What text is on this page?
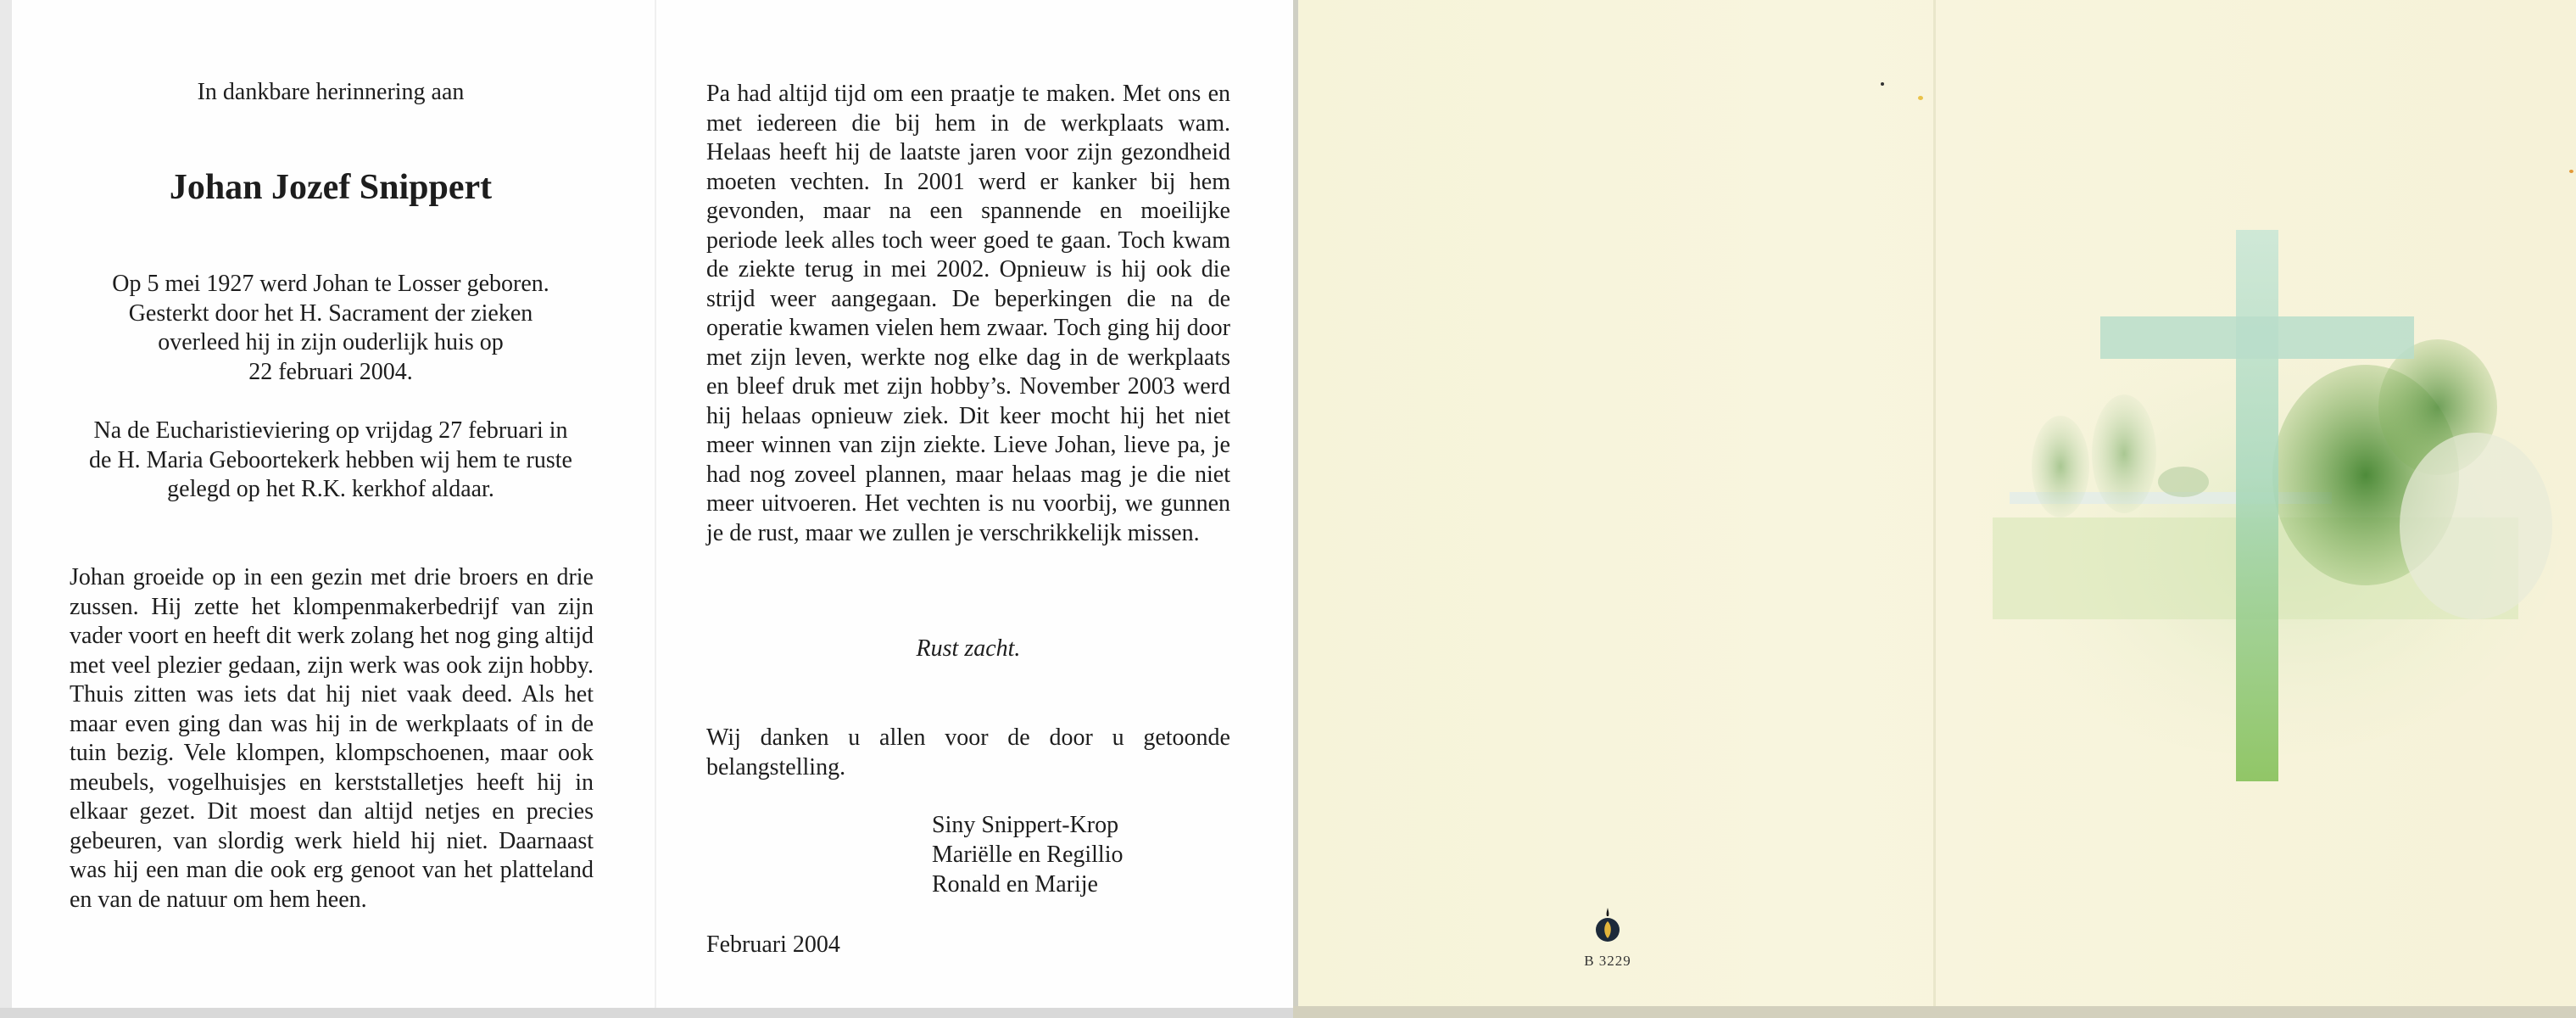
In dankbare herinnering aan
Johan Jozef Snippert
Op 5 mei 1927 werd Johan te Losser geboren.
Gesterkt door het H. Sacrament der zieken
overleed hij in zijn ouderlijk huis op
22 februari 2004.
Na de Eucharistieviering op vrijdag 27 februari in
de H. Maria Geboortekerk hebben wij hem te ruste
gelegd op het R.K. kerkhof aldaar.
Johan groeide op in een gezin met drie broers en drie zussen. Hij zette het klompenmakerbedrijf van zijn vader voort en heeft dit werk zolang het nog ging altijd met veel plezier gedaan, zijn werk was ook zijn hobby. Thuis zitten was iets dat hij niet vaak deed. Als het maar even ging dan was hij in de werkplaats of in de tuin bezig. Vele klompen, klompschoenen, maar ook meubels, vogelhuisjes en kerststalletjes heeft hij in elkaar gezet. Dit moest dan altijd netjes en precies gebeuren, van slordig werk hield hij niet. Daarnaast was hij een man die ook erg genoot van het platteland en van de natuur om hem heen.
Pa had altijd tijd om een praatje te maken. Met ons en met iedereen die bij hem in de werkplaats wam. Helaas heeft hij de laatste jaren voor zijn gezondheid moeten vechten. In 2001 werd er kanker bij hem gevonden, maar na een spannende en moeilijke periode leek alles toch weer goed te gaan. Toch kwam de ziekte terug in mei 2002. Opnieuw is hij ook die strijd weer aangegaan. De beperkingen die na de operatie kwamen vielen hem zwaar. Toch ging hij door met zijn leven, werkte nog elke dag in de werkplaats en bleef druk met zijn hobby’s. November 2003 werd hij helaas opnieuw ziek. Dit keer mocht hij het niet meer winnen van zijn ziekte. Lieve Johan, lieve pa, je had nog zoveel plannen, maar helaas mag je die niet meer uitvoeren. Het vechten is nu voorbij, we gunnen je de rust, maar we zullen je verschrikkelijk missen.
Rust zacht.
Wij danken u allen voor de door u getoonde belangstelling.
Siny Snippert-Krop
Mariëlle en Regillio
Ronald en Marije
Februari 2004
B 3229
